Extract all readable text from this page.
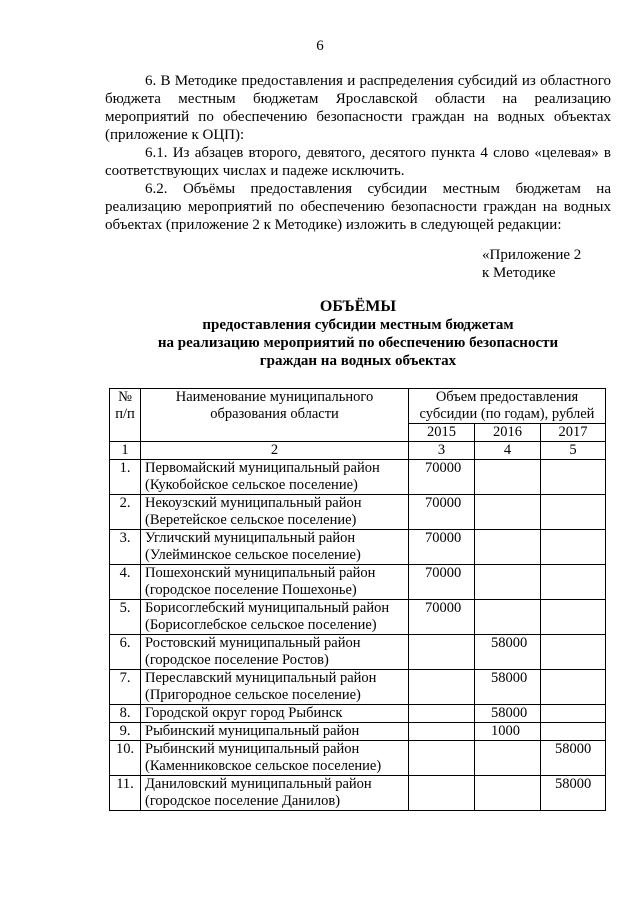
6

6. В Методике предоставления и распределения субсидий из областного бюджета местным бюджетам Ярославской области на реализацию мероприятий по обеспечению безопасности граждан на водных объектах (приложение к ОЦП):

6.1. Из абзацев второго, девятого, десятого пункта 4 слово «целевая» в соответствующих числах и падеже исключить.

6.2. Объёмы предоставления субсидии местным бюджетам на реализацию мероприятий по обеспечению безопасности граждан на водных объектах (приложение 2 к Методике) изложить в следующей редакции:

«Приложение 2
к Методике
ОБЪЁМЫ
предоставления субсидии местным бюджетам
на реализацию мероприятий по обеспечению безопасности
граждан на водных объектах
№ п/п	Наименование муниципального образования области	Объем предоставления субсидии (по годам), рублей		
		2015	2016	2017
1	2	3	4	5
1.	Первомайский муниципальный район (Кукобойское сельское поселение)	70000		
2.	Некоузский муниципальный район (Веретейское сельское поселение)	70000		
3.	Угличский муниципальный район (Улейминское сельское поселение)	70000		
4.	Пошехонский муниципальный район (городское поселение Пошехонье)	70000		
5.	Борисоглебский муниципальный район (Борисоглебское сельское поселение)	70000		
6.	Ростовский муниципальный район (городское поселение Ростов)		58000	
7.	Переславский муниципальный район (Пригородное сельское поселение)		58000	
8.	Городской округ город Рыбинск		58000	
9.	Рыбинский муниципальный район		1000	
10.	Рыбинский муниципальный район (Каменниковское сельское поселение)			58000
11.	Даниловский муниципальный район (городское поселение Данилов)			58000
